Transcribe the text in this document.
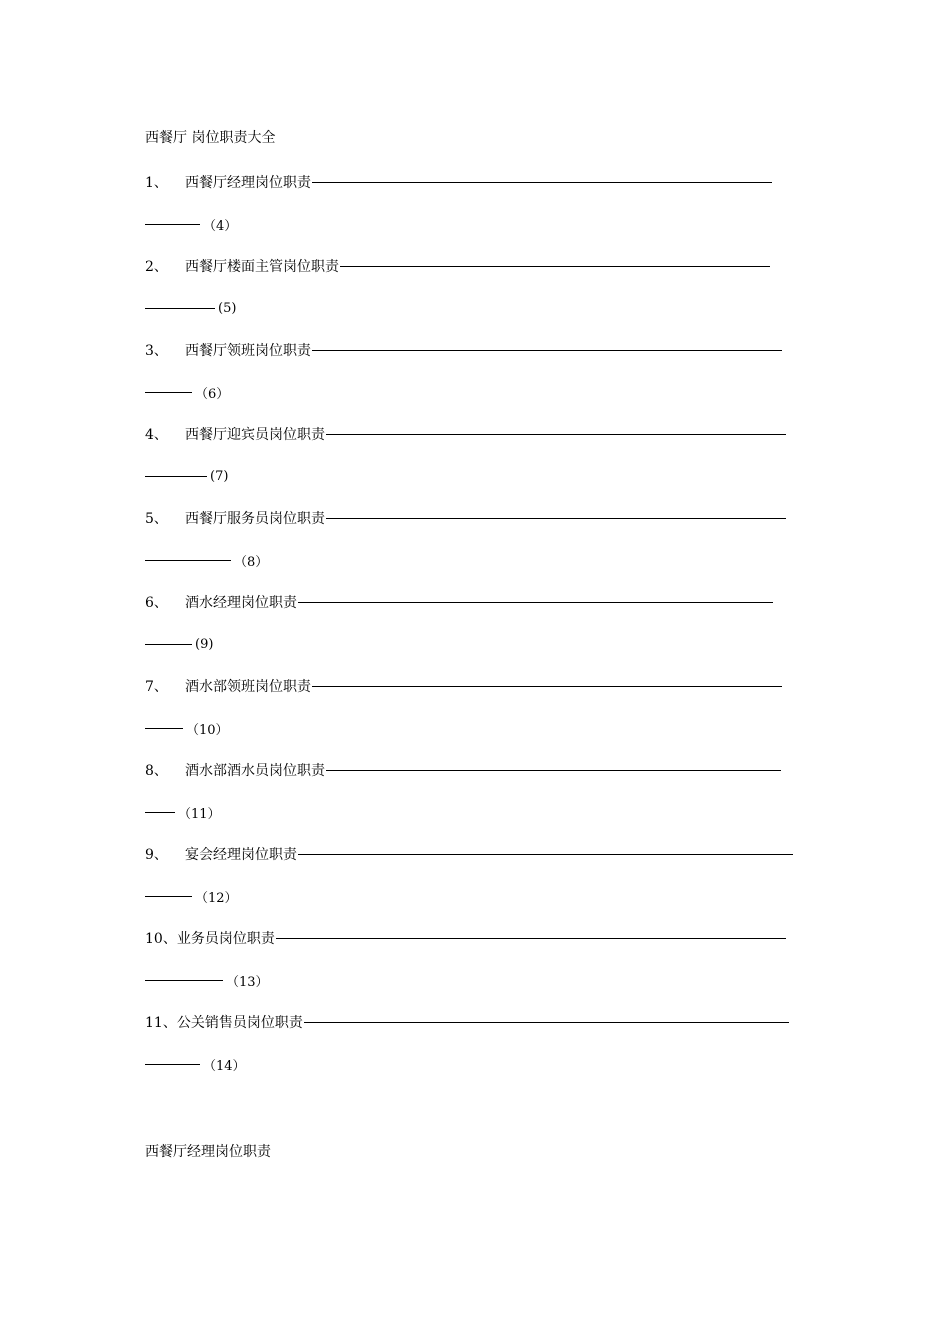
西餐厅 岗位职责大全
1、	西餐厅经理岗位职责
（4）
2、	西餐厅楼面主管岗位职责
(5)
3、	西餐厅领班岗位职责
（6）
4、	西餐厅迎宾员岗位职责
(7)
5、	西餐厅服务员岗位职责
（8）
6、	酒水经理岗位职责
(9)
7、	酒水部领班岗位职责
（10）
8、	酒水部酒水员岗位职责
（11）
9、	宴会经理岗位职责
（12）
10、 业务员岗位职责
（13）
11、 公关销售员岗位职责
（14）
西餐厅经理岗位职责
